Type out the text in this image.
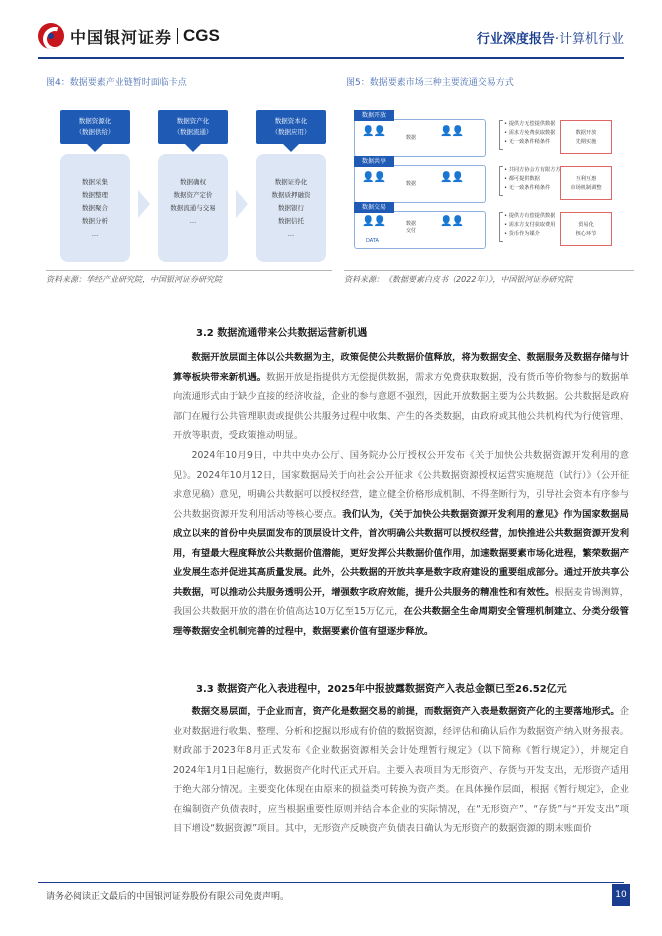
中国银河证券 CGS	行业深度报告·计算机行业
图4：数据要素产业链暂时面临卡点
数据资源化
（数据供给）
数据采集
数据整理
数据聚合
数据分析
…
数据资产化
（数据流通）
数据确权
数据资产定价
数据流通与交易
…
数据资本化
（数据应用）
数据证券化
数据质押融资
数据银行
数据信托
…
图5：数据要素市场三种主要流通交易方式
数据开放
👤👤
数据
👤👤
• 提供方无偿提供数据
• 需求方免费获取数据
• 无一致条件稍条件
数据开放
先期实施
数据共享
👤👤
数据
👤👤
• 共同方协会方有限方方
• 都可提供数据
• 无一致条件稍条件
互利互惠
市场机制调整
数据交易
👤👤	数据
交付
DATA
👤👤	• 提供方有偿提供数据
• 需求方支付获取费用
• 货币作为媒介
贸易化
核心环节
资料来源：华经产业研究院，中国银河证券研究院	资料来源：《数据要素白皮书（2022年）》，中国银河证券研究院
3.2 数据流通带来公共数据运营新机遇
数据开放层面主体以公共数据为主，政策促使公共数据价值释放，将为数据安全、数据服务及数据存储与计算等板块带来新机遇。数据开放是指提供方无偿提供数据，需求方免费获取数据，没有货币等价物参与的数据单向流通形式由于缺少直接的经济收益，企业的参与意愿不强烈，因此开放数据主要为公共数据。公共数据是政府部门在履行公共管理职责或提供公共服务过程中收集、产生的各类数据，由政府或其他公共机构代为行使管理、开放等职责，受政策推动明显。
2024年10月9日，中共中央办公厅、国务院办公厅授权公开发布《关于加快公共数据资源开发利用的意见》。2024年10月12日，国家数据局关于向社会公开征求《公共数据资源授权运营实施规范（试行）》（公开征求意见稿）意见，明确公共数据可以授权经营，建立健全价格形成机制、不得垄断行为，引导社会资本有序参与公共数据资源开发利用活动等核心要点。我们认为，《关于加快公共数据资源开发利用的意见》作为国家数据局成立以来的首份中央层面发布的顶层设计文件，首次明确公共数据可以授权经营，加快推进公共数据资源开发利用，有望最大程度释放公共数据价值潜能，更好发挥公共数据价值作用，加速数据要素市场化进程，繁荣数据产业发展生态并促进其高质量发展。此外，公共数据的开放共享是数字政府建设的重要组成部分。通过开放共享公共数据，可以推动公共服务透明公开，增强数字政府效能，提升公共服务的精准性和有效性。根据麦肯锡测算，我国公共数据开放的潜在价值高达10万亿至15万亿元，在公共数据全生命周期安全管理机制建立、分类分级管理等数据安全机制完善的过程中，数据要素价值有望逐步释放。
3.3 数据资产化入表进程中，2025年中报披露数据资产入表总金额已至26.52亿元
数据交易层面，于企业而言，资产化是数据交易的前提，而数据资产入表是数据资产化的主要落地形式。企业对数据进行收集、整理、分析和挖掘以形成有价值的数据资源，经评估和确认后作为数据资产纳入财务报表。财政部于2023年8月正式发布《企业数据资源相关会计处理暂行规定》（以下简称《暂行规定》），并规定自2024年1月1日起施行，数据资产化时代正式开启。主要入表项目为无形资产、存货与开发支出，无形资产适用于绝大部分情况。主要变化体现在由原来的损益类可转换为资产类。在具体操作层面，根据《暂行规定》，企业在编制资产负债表时，应当根据重要性原则并结合本企业的实际情况，在“无形资产”、“存货”与“开发支出”项目下增设“数据资源”项目。其中，无形资产反映资产负债表日确认为无形资产的数据资源的期末账面价
请务必阅读正文最后的中国银河证券股份有限公司免责声明。	10
